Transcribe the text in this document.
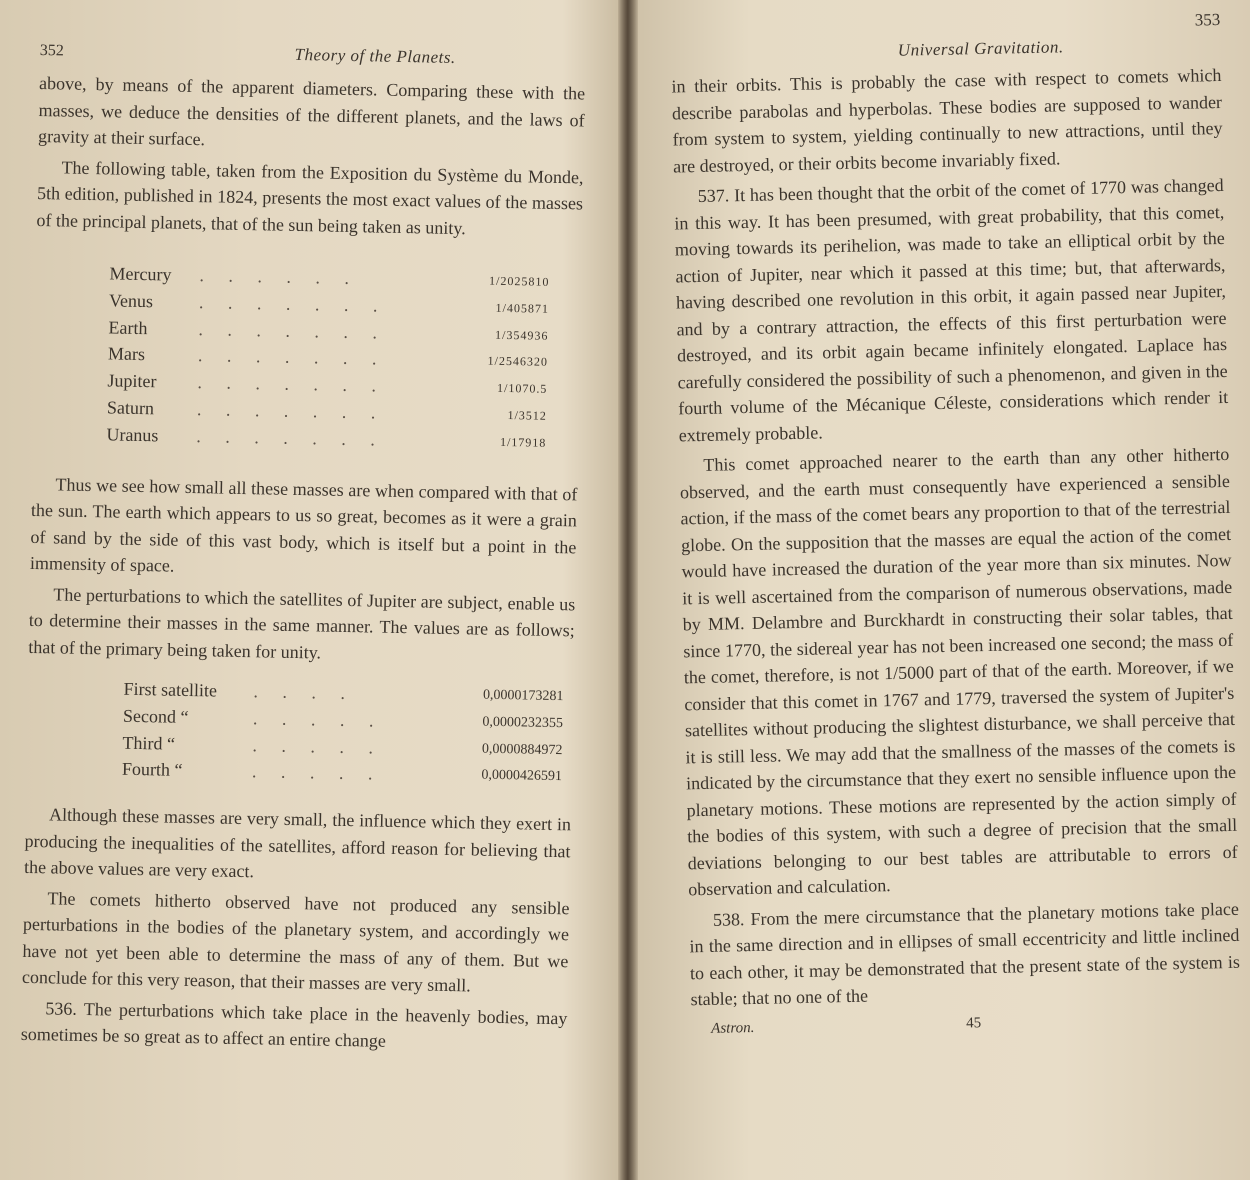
352	Theory of the Planets.

above, by means of the apparent diameters. Comparing these with the masses, we deduce the densities of the different planets, and the laws of gravity at their surface.

The following table, taken from the Exposition du Système du Monde, 5th edition, published in 1824, presents the most exact values of the masses of the principal planets, that of the sun being taken as unity.

Mercury	. . . . . .	1/2025810
Venus	. . . . . . .	1/405871
Earth	. . . . . . .	1/354936
Mars	. . . . . . .	1/2546320
Jupiter	. . . . . . .	1/1070.5
Saturn	. . . . . . .	1/3512
Uranus	. . . . . . .	1/17918

Thus we see how small all these masses are when compared with that of the sun. The earth which appears to us so great, becomes as it were a grain of sand by the side of this vast body, which is itself but a point in the immensity of space.

The perturbations to which the satellites of Jupiter are subject, enable us to determine their masses in the same manner. The values are as follows; that of the primary being taken for unity.

First satellite	. . . .	0,0000173281
Second “	. . . . .	0,0000232355
Third “	. . . . .	0,0000884972
Fourth “	. . . . .	0,0000426591

Although these masses are very small, the influence which they exert in producing the inequalities of the satellites, afford reason for believing that the above values are very exact.

The comets hitherto observed have not produced any sensible perturbations in the bodies of the planetary system, and accordingly we have not yet been able to determine the mass of any of them. But we conclude for this very reason, that their masses are very small.

536. The perturbations which take place in the heavenly bodies, may sometimes be so great as to affect an entire change

353
Universal Gravitation.

in their orbits. This is probably the case with respect to comets which describe parabolas and hyperbolas. These bodies are supposed to wander from system to system, yielding continually to new attractions, until they are destroyed, or their orbits become invariably fixed.

537. It has been thought that the orbit of the comet of 1770 was changed in this way. It has been presumed, with great probability, that this comet, moving towards its perihelion, was made to take an elliptical orbit by the action of Jupiter, near which it passed at this time; but, that afterwards, having described one revolution in this orbit, it again passed near Jupiter, and by a contrary attraction, the effects of this first perturbation were destroyed, and its orbit again became infinitely elongated. Laplace has carefully considered the possibility of such a phenomenon, and given in the fourth volume of the Mécanique Céleste, considerations which render it extremely probable.

This comet approached nearer to the earth than any other hitherto observed, and the earth must consequently have experienced a sensible action, if the mass of the comet bears any proportion to that of the terrestrial globe. On the supposition that the masses are equal the action of the comet would have increased the duration of the year more than six minutes. Now it is well ascertained from the comparison of numerous observations, made by MM. Delambre and Burckhardt in constructing their solar tables, that since 1770, the sidereal year has not been increased one second; the mass of the comet, therefore, is not 1/5000 part of that of the earth. Moreover, if we consider that this comet in 1767 and 1779, traversed the system of Jupiter's satellites without producing the slightest disturbance, we shall perceive that it is still less. We may add that the smallness of the masses of the comets is indicated by the circumstance that they exert no sensible influence upon the planetary motions. These motions are represented by the action simply of the bodies of this system, with such a degree of precision that the small deviations belonging to our best tables are attributable to errors of observation and calculation.

538. From the mere circumstance that the planetary motions take place in the same direction and in ellipses of small eccentricity and little inclined to each other, it may be demonstrated that the present state of the system is stable; that no one of the

Astron.	45
